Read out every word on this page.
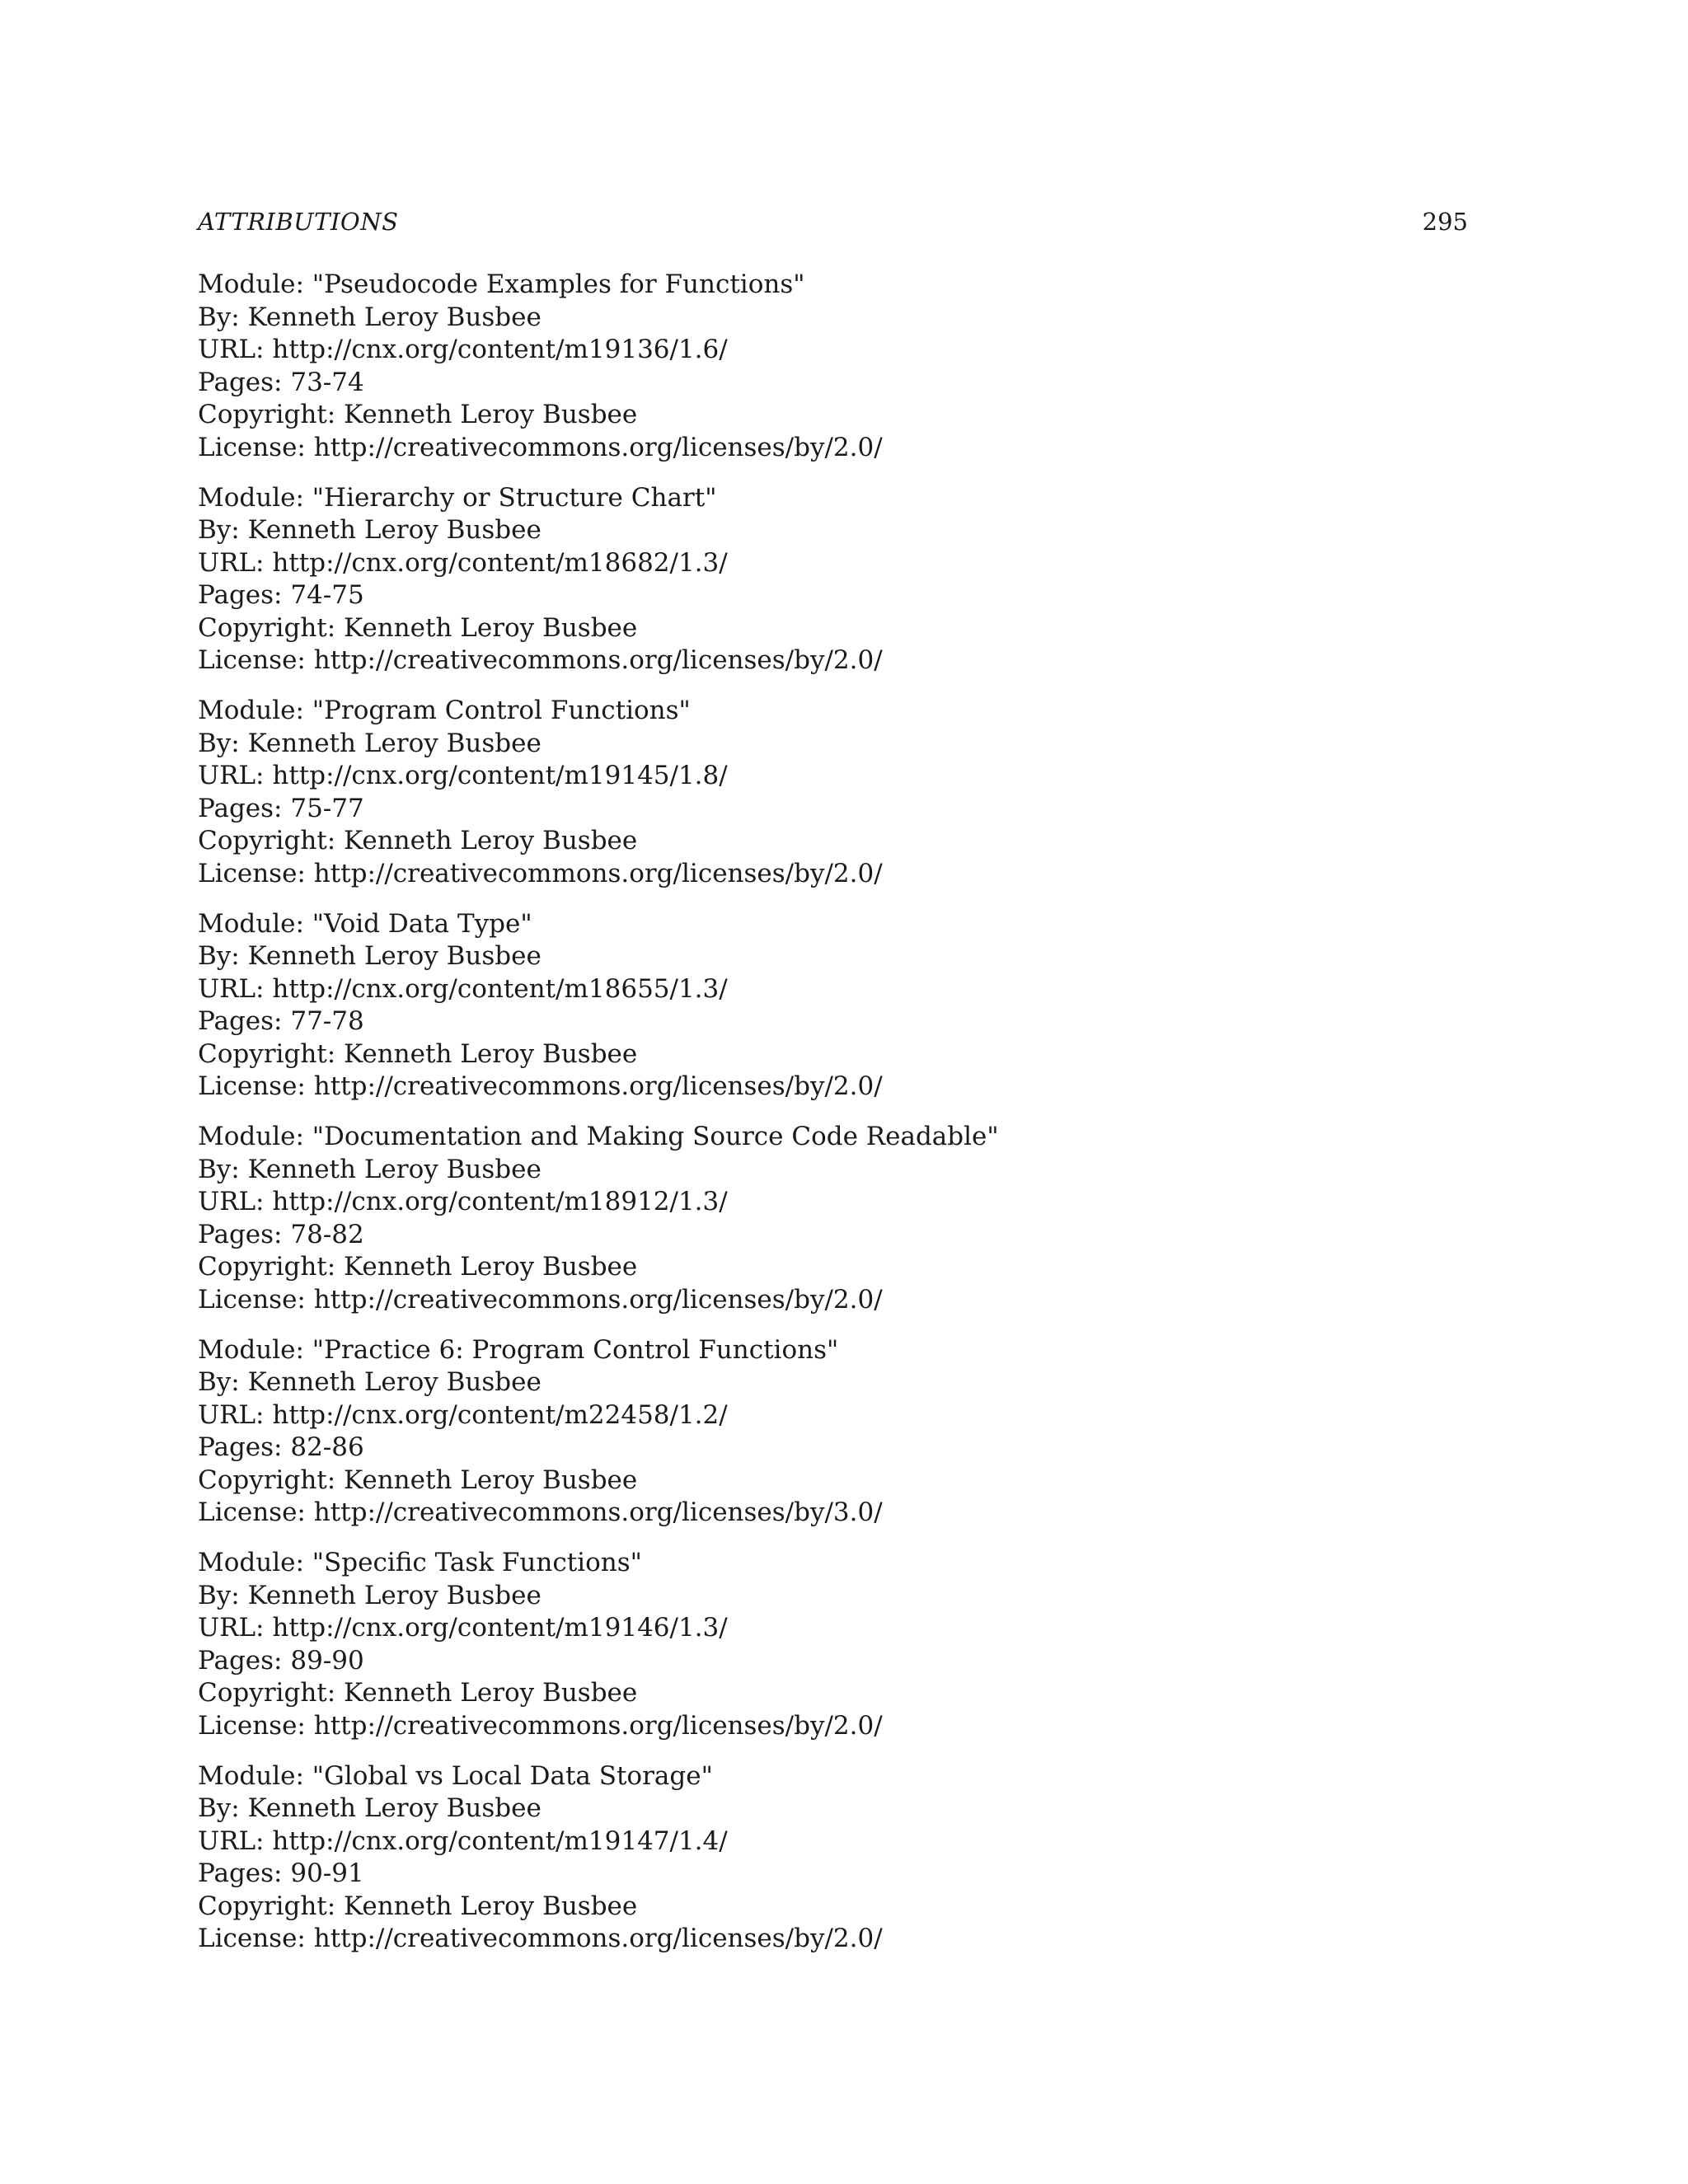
ATTRIBUTIONS	295
Module: "Pseudocode Examples for Functions"
By: Kenneth Leroy Busbee
URL: http://cnx.org/content/m19136/1.6/
Pages: 73-74
Copyright: Kenneth Leroy Busbee
License: http://creativecommons.org/licenses/by/2.0/
Module: "Hierarchy or Structure Chart"
By: Kenneth Leroy Busbee
URL: http://cnx.org/content/m18682/1.3/
Pages: 74-75
Copyright: Kenneth Leroy Busbee
License: http://creativecommons.org/licenses/by/2.0/
Module: "Program Control Functions"
By: Kenneth Leroy Busbee
URL: http://cnx.org/content/m19145/1.8/
Pages: 75-77
Copyright: Kenneth Leroy Busbee
License: http://creativecommons.org/licenses/by/2.0/
Module: "Void Data Type"
By: Kenneth Leroy Busbee
URL: http://cnx.org/content/m18655/1.3/
Pages: 77-78
Copyright: Kenneth Leroy Busbee
License: http://creativecommons.org/licenses/by/2.0/
Module: "Documentation and Making Source Code Readable"
By: Kenneth Leroy Busbee
URL: http://cnx.org/content/m18912/1.3/
Pages: 78-82
Copyright: Kenneth Leroy Busbee
License: http://creativecommons.org/licenses/by/2.0/
Module: "Practice 6: Program Control Functions"
By: Kenneth Leroy Busbee
URL: http://cnx.org/content/m22458/1.2/
Pages: 82-86
Copyright: Kenneth Leroy Busbee
License: http://creativecommons.org/licenses/by/3.0/
Module: "Specific Task Functions"
By: Kenneth Leroy Busbee
URL: http://cnx.org/content/m19146/1.3/
Pages: 89-90
Copyright: Kenneth Leroy Busbee
License: http://creativecommons.org/licenses/by/2.0/
Module: "Global vs Local Data Storage"
By: Kenneth Leroy Busbee
URL: http://cnx.org/content/m19147/1.4/
Pages: 90-91
Copyright: Kenneth Leroy Busbee
License: http://creativecommons.org/licenses/by/2.0/
